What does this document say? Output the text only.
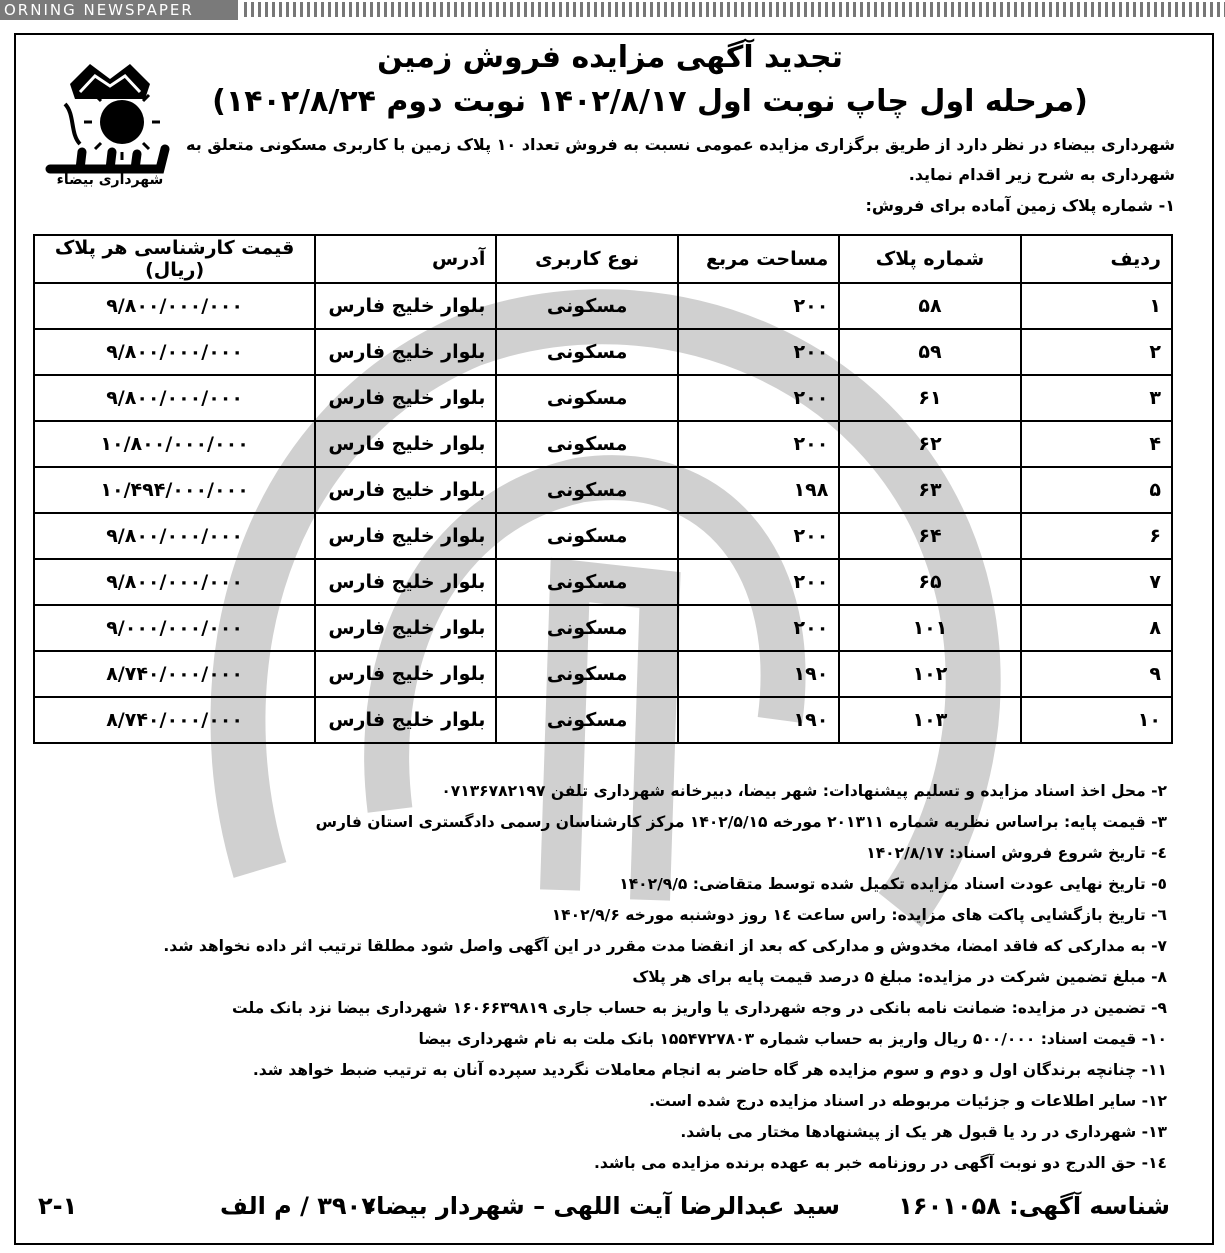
ORNING NEWSPAPER
شهرداری بیضاء
تجدید آگهی مزایده فروش زمین
(مرحله اول چاپ نوبت اول ۱۴۰۲/۸/۱۷ نوبت دوم ۱۴۰۲/۸/۲۴)
شهرداری بیضاء در نظر دارد از طریق برگزاری مزایده عمومی نسبت به فروش تعداد ۱۰ پلاک زمین با کاربری مسکونی متعلق به شهرداری به شرح زیر اقدام نماید.
۱- شماره پلاک زمین آماده برای فروش:
ردیف	شماره پلاک	مساحت مربع	نوع کاربری	آدرس	قیمت کارشناسی هر پلاک (ریال)
۱	۵۸	۲۰۰	مسکونی	بلوار خلیج فارس	۹/۸۰۰/۰۰۰/۰۰۰
۲	۵۹	۲۰۰	مسکونی	بلوار خلیج فارس	۹/۸۰۰/۰۰۰/۰۰۰
۳	۶۱	۲۰۰	مسکونی	بلوار خلیج فارس	۹/۸۰۰/۰۰۰/۰۰۰
۴	۶۲	۲۰۰	مسکونی	بلوار خلیج فارس	۱۰/۸۰۰/۰۰۰/۰۰۰
۵	۶۳	۱۹۸	مسکونی	بلوار خلیج فارس	۱۰/۴۹۴/۰۰۰/۰۰۰
۶	۶۴	۲۰۰	مسکونی	بلوار خلیج فارس	۹/۸۰۰/۰۰۰/۰۰۰
۷	۶۵	۲۰۰	مسکونی	بلوار خلیج فارس	۹/۸۰۰/۰۰۰/۰۰۰
۸	۱۰۱	۲۰۰	مسکونی	بلوار خلیج فارس	۹/۰۰۰/۰۰۰/۰۰۰
۹	۱۰۲	۱۹۰	مسکونی	بلوار خلیج فارس	۸/۷۴۰/۰۰۰/۰۰۰
۱۰	۱۰۳	۱۹۰	مسکونی	بلوار خلیج فارس	۸/۷۴۰/۰۰۰/۰۰۰
۲- محل اخذ اسناد مزایده و تسلیم پیشنهادات: شهر بیضا، دبیرخانه شهرداری تلفن ۰۷۱۳۶۷۸۲۱۹۷
۳- قیمت پایه: براساس نظریه شماره ۲۰۱۳۱۱ مورخه ۱۴۰۲/۵/۱۵ مرکز کارشناسان رسمی دادگستری استان فارس
٤- تاریخ شروع فروش اسناد: ۱۴۰۲/۸/۱۷
٥- تاریخ نهایی عودت اسناد مزایده تکمیل شده توسط متقاضی: ۱۴۰۲/۹/۵
٦- تاریخ بازگشایی پاکت های مزایده: راس ساعت ١٤ روز دوشنبه مورخه ۱۴۰۲/۹/۶
۷- به مدارکی که فاقد امضا، مخدوش و مدارکی که بعد از انقضا مدت مقرر در این آگهی واصل شود مطلقا ترتیب اثر داده نخواهد شد.
۸- مبلغ تضمین شرکت در مزایده: مبلغ ۵ درصد قیمت پایه برای هر پلاک
۹- تضمین در مزایده: ضمانت نامه بانکی در وجه شهرداری یا واریز به حساب جاری ۱۶۰۶۶۳۹۸۱۹ شهرداری بیضا نزد بانک ملت
۱۰- قیمت اسناد: ۵۰۰/۰۰۰ ریال واریز به حساب شماره ۱۵۵۴۷۲۷۸۰۳ بانک ملت به نام شهرداری بیضا
۱۱- چنانچه برندگان اول و دوم و سوم مزایده هر گاه حاضر به انجام معاملات نگردید سپرده آنان به ترتیب ضبط خواهد شد.
۱۲- سایر اطلاعات و جزئیات مربوطه در اسناد مزایده درج شده است.
۱۳- شهرداری در رد یا قبول هر یک از پیشنهادها مختار می باشد.
١٤- حق الدرج دو نوبت آگهی در روزنامه خبر به عهده برنده مزایده می باشد.
شناسه آگهی: ۱۶۰۱۰۵۸
سید عبدالرضا آیت اللهی – شهردار بیضاء
۳۹۰۷ / م الف
۲-۱
